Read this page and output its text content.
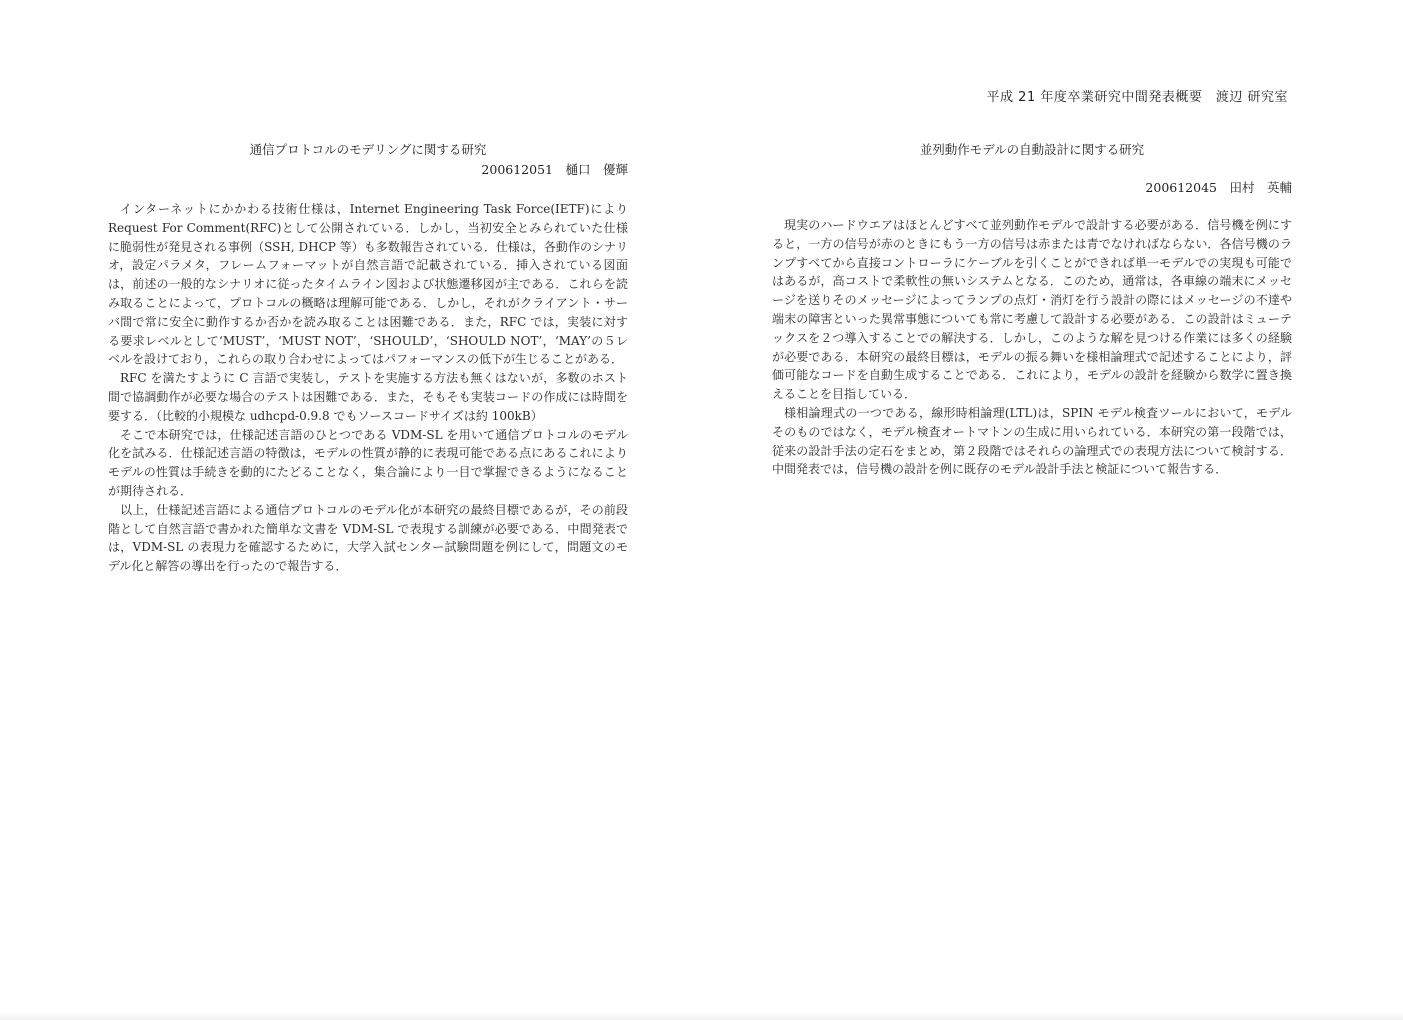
平成 21 年度卒業研究中間発表概要　渡辺 研究室

通信プロトコルのモデリングに関する研究

200612051　樋口　優輝

インターネットにかかわる技術仕様は，Internet Engineering Task Force(IETF)により Request For Comment(RFC)として公開されている．しかし，当初安全とみられていた仕様に脆弱性が発見される事例（SSH, DHCP 等）も多数報告されている．仕様は，各動作のシナリオ，設定パラメタ，フレームフォーマットが自然言語で記載されている．挿入されている図面は，前述の一般的なシナリオに従ったタイムライン図および状態遷移図が主である．これらを読み取ることによって，プロトコルの概略は理解可能である．しかし，それがクライアント・サーバ間で常に安全に動作するか否かを読み取ることは困難である．また，RFC では，実装に対する要求レベルとして‘MUST’，‘MUST NOT’，‘SHOULD’，‘SHOULD NOT’，‘MAY’の５レベルを設けており，これらの取り合わせによってはパフォーマンスの低下が生じることがある．

RFC を満たすように C 言語で実装し，テストを実施する方法も無くはないが，多数のホスト間で協調動作が必要な場合のテストは困難である．また，そもそも実装コードの作成には時間を要する．（比較的小規模な udhcpd-0.9.8 でもソースコードサイズは約 100kB）

そこで本研究では，仕様記述言語のひとつである VDM-SL を用いて通信プロトコルのモデル化を試みる．仕様記述言語の特徴は，モデルの性質が静的に表現可能である点にあるこれによりモデルの性質は手続きを動的にたどることなく，集合論により一目で掌握できるようになることが期待される．

以上，仕様記述言語による通信プロトコルのモデル化が本研究の最終目標であるが，その前段階として自然言語で書かれた簡単な文書を VDM-SL で表現する訓練が必要である．中間発表では，VDM-SL の表現力を確認するために，大学入試センター試験問題を例にして，問題文のモデル化と解答の導出を行ったので報告する．

並列動作モデルの自動設計に関する研究

200612045　田村　英輔

現実のハードウエアはほとんどすべて並列動作モデルで設計する必要がある．信号機を例にすると，一方の信号が赤のときにもう一方の信号は赤または青でなければならない．各信号機のランプすべてから直接コントローラにケーブルを引くことができれば単一モデルでの実現も可能ではあるが，高コストで柔軟性の無いシステムとなる．このため，通常は，各車線の端末にメッセージを送りそのメッセージによってランプの点灯・消灯を行う設計の際にはメッセージの不達や端末の障害といった異常事態についても常に考慮して設計する必要がある．この設計はミューテックスを２つ導入することでの解決する．しかし，このような解を見つける作業には多くの経験が必要である．本研究の最終目標は，モデルの振る舞いを様相論理式で記述することにより，評価可能なコードを自動生成することである．これにより，モデルの設計を経験から数学に置き換えることを目指している．

様相論理式の一つである，線形時相論理(LTL)は，SPIN モデル検査ツールにおいて，モデルそのものではなく，モデル検査オートマトンの生成に用いられている．本研究の第一段階では，従来の設計手法の定石をまとめ，第２段階ではそれらの論理式での表現方法について検討する．中間発表では，信号機の設計を例に既存のモデル設計手法と検証について報告する．
